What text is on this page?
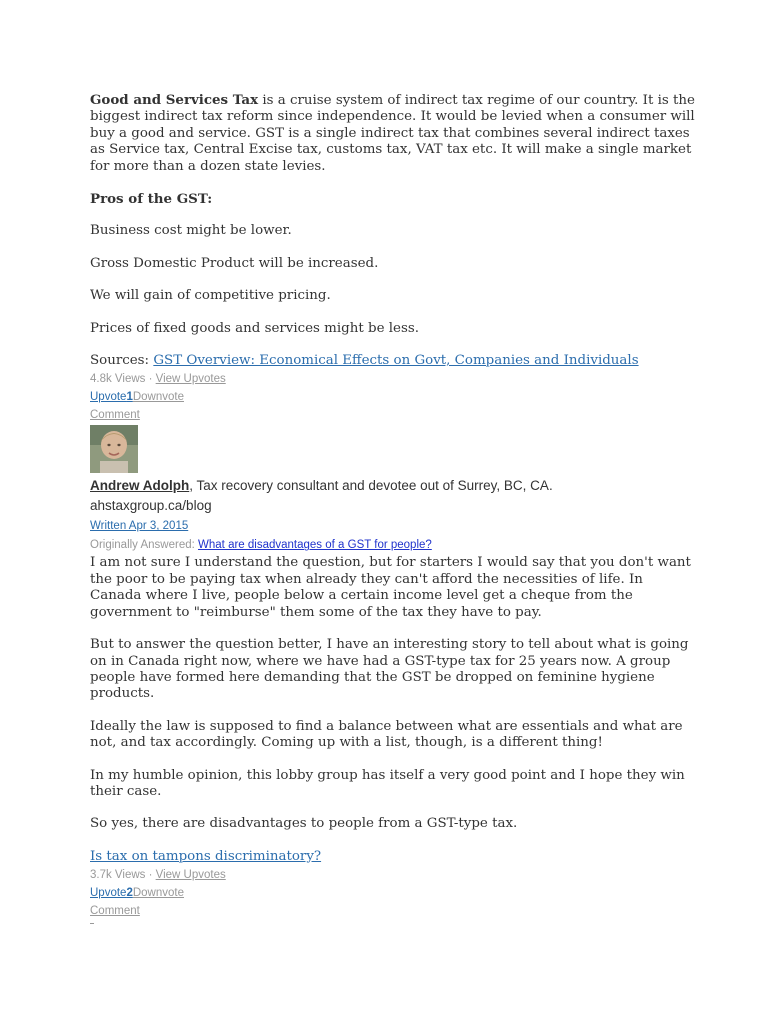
Good and Services Tax is a cruise system of indirect tax regime of our country. It is the biggest indirect tax reform since independence. It would be levied when a consumer will buy a good and service. GST is a single indirect tax that combines several indirect taxes as Service tax, Central Excise tax, customs tax, VAT tax etc. It will make a single market for more than a dozen state levies.

Pros of the GST:

Business cost might be lower.

Gross Domestic Product will be increased.

We will gain of competitive pricing.

Prices of fixed goods and services might be less.

Sources: GST Overview: Economical Effects on Govt, Companies and Individuals

4.8k Views · View Upvotes
Upvote1Downvote
Comment
Andrew Adolph, Tax recovery consultant and devotee out of Surrey, BC, CA.
ahstaxgroup.ca/blog
Written Apr 3, 2015
Originally Answered: What are disadvantages of a GST for people?

I am not sure I understand the question, but for starters I would say that you don't want the poor to be paying tax when already they can't afford the necessities of life. In Canada where I live, people below a certain income level get a cheque from the government to "reimburse" them some of the tax they have to pay.

But to answer the question better, I have an interesting story to tell about what is going on in Canada right now, where we have had a GST-type tax for 25 years now. A group people have formed here demanding that the GST be dropped on feminine hygiene products.

Ideally the law is supposed to find a balance between what are essentials and what are not, and tax accordingly. Coming up with a list, though, is a different thing!

In my humble opinion, this lobby group has itself a very good point and I hope they win their case.

So yes, there are disadvantages to people from a GST-type tax.

Is tax on tampons discriminatory?

3.7k Views · View Upvotes
Upvote2Downvote
Comment
